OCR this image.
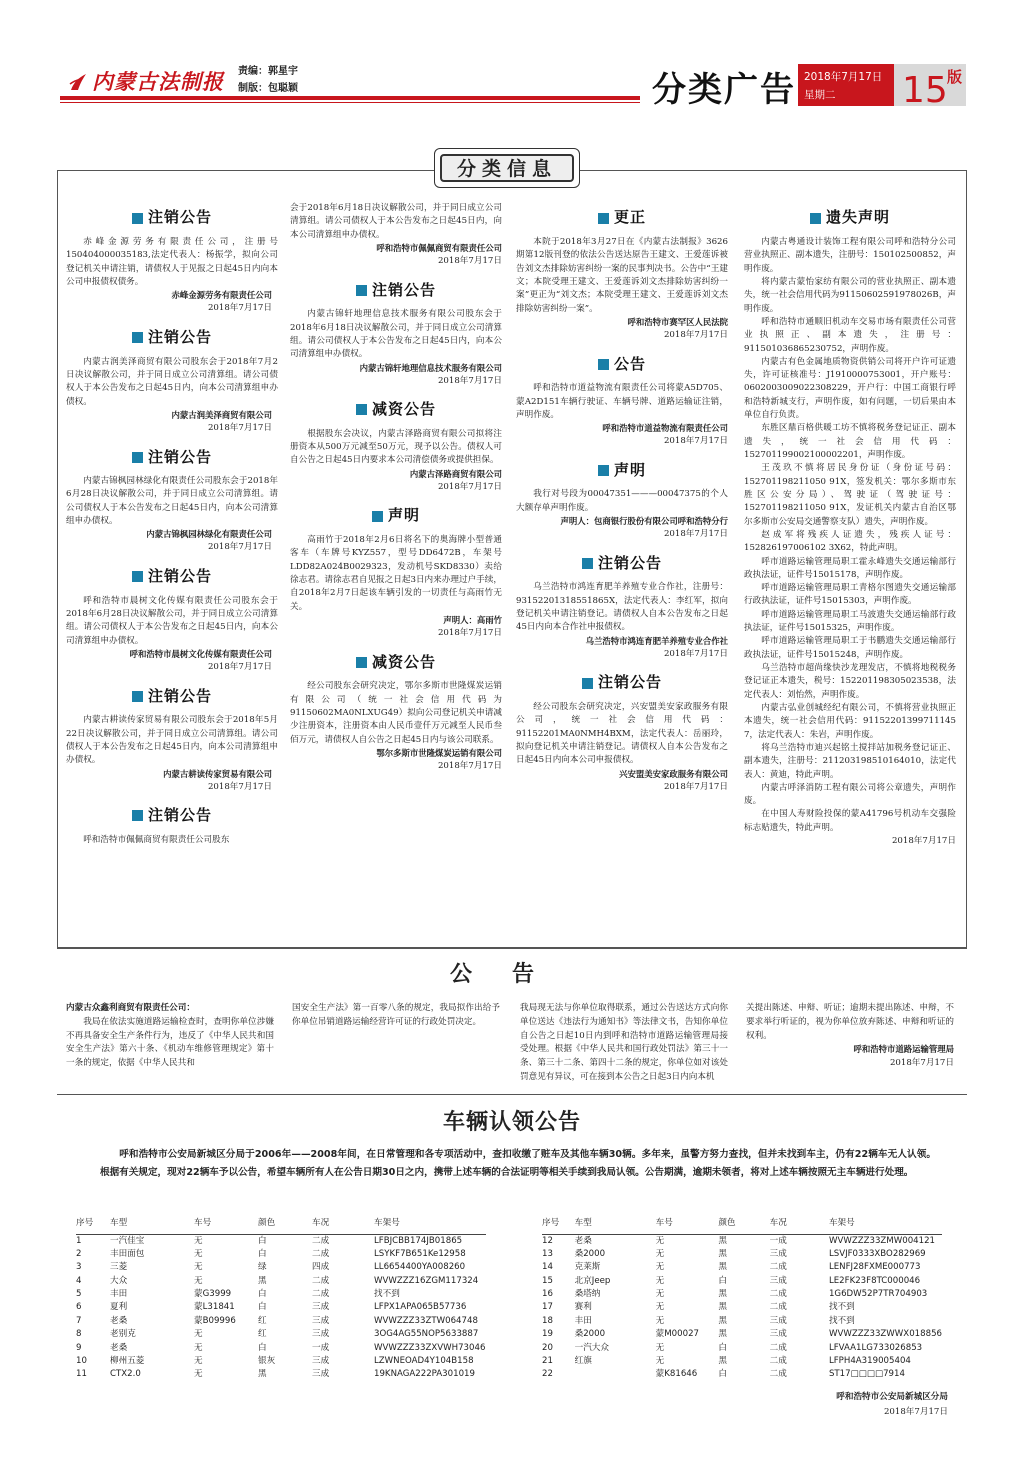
内蒙古法制报 责编：郭星宇
制版：包聪颖	分类广告 2018年7月17日
星期二	15 版
分类信息
注销公告
赤峰金源劳务有限责任公司，注册号150404000035183,法定代表人：杨振学，拟向公司登记机关申请注销，请债权人于见报之日起45日内向本公司申报债权债务。
赤峰金源劳务有限责任公司
2018年7月17日
注销公告
内蒙古润美泽商贸有限公司股东会于2018年7月2日决议解散公司，并于同日成立公司清算组。请公司债权人于本公告发布之日起45日内，向本公司清算组申办债权。
内蒙古润美泽商贸有限公司
2018年7月17日
注销公告
内蒙古锦枫园林绿化有限责任公司股东会于2018年6月28日决议解散公司，并于同日成立公司清算组。请公司债权人于本公告发布之日起45日内，向本公司清算组申办债权。
内蒙古锦枫园林绿化有限责任公司
2018年7月17日
注销公告
呼和浩特市晨树文化传媒有限责任公司股东会于2018年6月28日决议解散公司，并于同日成立公司清算组。请公司债权人于本公告发布之日起45日内，向本公司清算组申办债权。
呼和浩特市晨树文化传媒有限责任公司
2018年7月17日
注销公告
内蒙古耕读传家贸易有限公司股东会于2018年5月22日决议解散公司，并于同日成立公司清算组。请公司债权人于本公告发布之日起45日内，向本公司清算组申办债权。
内蒙古耕读传家贸易有限公司
2018年7月17日
注销公告
呼和浩特市佩佩商贸有限责任公司股东
会于2018年6月18日决议解散公司，并于同日成立公司清算组。请公司债权人于本公告发布之日起45日内，向本公司清算组申办债权。
呼和浩特市佩佩商贸有限责任公司
2018年7月17日
注销公告
内蒙古锦轩地理信息技术服务有限公司股东会于2018年6月18日决议解散公司，并于同日成立公司清算组。请公司债权人于本公告发布之日起45日内，向本公司清算组申办债权。
内蒙古锦轩地理信息技术服务有限公司
2018年7月17日
减资公告
根据股东会决议，内蒙古泽路商贸有限公司拟将注册资本从500万元减至50万元，现予以公告。债权人可自公告之日起45日内要求本公司清偿债务或提供担保。
内蒙古泽路商贸有限公司
2018年7月17日
声明
高雨竹于2018年2月6日将名下的奥海牌小型普通客车（车牌号KYZ557，型号DD6472B，车架号LDD82A024B0029323，发动机号SKD8330）卖给徐志君。请徐志君自见报之日起3日内来办理过户手续，自2018年2月7日起该车辆引发的一切责任与高雨竹无关。
声明人：高雨竹
2018年7月17日
减资公告
经公司股东会研究决定，鄂尔多斯市世隆煤炭运销有限公司（统一社会信用代码为91150602MA0NLXUG49）拟向公司登记机关申请减少注册资本，注册资本由人民币壹仟万元减至人民币叁佰万元，请债权人自公告之日起45日内与该公司联系。
鄂尔多斯市世隆煤炭运销有限公司
2018年7月17日
更正
本院于2018年3月27日在《内蒙古法制报》3626期第12版刊登的依法公告送达原告王建文、王爱莲诉被告刘文杰排除妨害纠纷一案的民事判决书。公告中“王建文；本院受理王建文、王爱莲诉刘文杰排除妨害纠纷一案”更正为“刘文杰；本院受理王建文、王爱莲诉刘文杰排除妨害纠纷一案”。
呼和浩特市赛罕区人民法院
2018年7月17日
公告
呼和浩特市道益物流有限责任公司将蒙A5D705、蒙A2D151车辆行驶证、车辆号牌、道路运输证注销，声明作废。
呼和浩特市道益物流有限责任公司
2018年7月17日
声明
我行对号段为00047351———00047375的个人大额存单声明作废。
声明人：包商银行股份有限公司呼和浩特分行
2018年7月17日
注销公告
乌兰浩特市鸿连育肥羊养殖专业合作社，注册号：93152201318551865X，法定代表人：李红军，拟向登记机关申请注销登记。请债权人自本公告发布之日起45日内向本合作社申报债权。
乌兰浩特市鸿连育肥羊养殖专业合作社
2018年7月17日
注销公告
经公司股东会研究决定，兴安盟美安家政服务有限公司，统一社会信用代码：91152201MA0NMH4BXM，法定代表人：岳丽玲，拟向登记机关申请注销登记。请债权人自本公告发布之日起45日内向本公司申报债权。
兴安盟美安家政服务有限公司
2018年7月17日
遗失声明
内蒙古粤通设计装饰工程有限公司呼和浩特分公司营业执照正、副本遗失，注册号：150102500852，声明作废。
将内蒙古蒙怡家纺有限公司的营业执照正、副本遗失，统一社会信用代码为91150602591978026B，声明作废。
呼和浩特市通顺旧机动车交易市场有限责任公司营业执照正、副本遗失，注册号：911501036865230752，声明作废。
内蒙古有色金属地质物资供销公司将开户许可证遗失，许可证核准号：J1910000753001，开户账号：0602003009022308229，开户行：中国工商银行呼和浩特新城支行，声明作废，如有问题，一切后果由本单位自行负责。
东胜区鼎百格供暖工坊不慎将税务登记证正、副本遗失，统一社会信用代码：152701199002100002201，声明作废。
王茂玖不慎将居民身份证（身份证号码：152701198211050 91X，签发机关：鄂尔多斯市东胜区公安分局）、驾驶证（驾驶证号：152701198211050 91X，发证机关内蒙古自治区鄂尔多斯市公安局交通警察支队）遗失，声明作废。
赵成军将残疾人证遗失，残疾人证号：152826197006102 3X62，特此声明。
呼市道路运输管理局职工霍永峰遗失交通运输部行政执法证，证件号15015178，声明作废。
呼市道路运输管理局职工青格尔图遗失交通运输部行政执法证，证件号15015303，声明作废。
呼市道路运输管理局职工马波遗失交通运输部行政执法证，证件号15015325，声明作废。
呼市道路运输管理局职工于书鹏遗失交通运输部行政执法证，证件号15015248，声明作废。
乌兰浩特市超尚缘快沙龙理发店，不慎将地税税务登记证正本遗失，税号：152201198305023538，法定代表人：刘怡然，声明作废。
内蒙古弘业创城经纪有限公司，不慎将营业执照正本遗失，统一社会信用代码：91152201399711145 7，法定代表人：朱岩，声明作废。
将乌兰浩特市迪兴起铭土搅拌站加税务登记证正、副本遗失，注册号：211203198510164010，法定代表人：黄迪，特此声明。
内蒙古呼泽消防工程有限公司将公章遗失，声明作废。
在中国人寿财险投保的蒙A41796号机动车交强险标志贴遗失，特此声明。
2018年7月17日
公告
内蒙古众鑫利商贸有限责任公司：
我局在依法实施道路运输检查时，查明你单位涉嫌不再具备安全生产条件行为，违反了《中华人民共和国安全生产法》第六十条、《机动车维修管理规定》第十一条的规定，依据《中华人民共和
国安全生产法》第一百零八条的规定，我局拟作出给予你单位吊销道路运输经营许可证的行政处罚决定。
我局现无法与你单位取得联系，通过公告送达方式向你单位送达《违法行为通知书》等法律文书，告知你单位自公告之日起10日内到呼和浩特市道路运输管理局接受处理。根据《中华人民共和国行政处罚法》第三十一条、第三十二条、第四十二条的规定，你单位如对该处罚意见有异议，可在接到本公告之日起3日内向本机
关提出陈述、申辩、听证；逾期未提出陈述、申辩，不要求举行听证的，视为你单位放弃陈述、申辩和听证的权利。
呼和浩特市道路运输管理局
2018年7月17日
车辆认领公告
呼和浩特市公安局新城区分局于2006年——2008年间，在日常管理和各专项活动中，查扣收缴了赃车及其他车辆30辆。多年来，虽警方努力查找，但并未找到车主，仍有22辆车无人认领。根据有关规定，现对22辆车予以公告，希望车辆所有人在公告日期30日之内，携带上述车辆的合法证明等相关手续到我局认领。公告期满，逾期未领者，将对上述车辆按照无主车辆进行处理。
序号	车型	车号	颜色	车况	车架号
1	一汽佳宝	无	白	二成	LFBJCBB174JB01865
2	丰田面包	无	白	二成	LSYKF7B651Ke12958
3	三菱	无	绿	四成	LL6654400YA008260
4	大众	无	黑	二成	WVWZZZ16ZGM117324
5	丰田	蒙G3999	白	二成	找不到
6	夏利	蒙L31841	白	三成	LFPX1APA065B57736
7	老桑	蒙B09996	红	三成	WVWZZZ33ZTW064748
8	老别克	无	红	三成	3OG4AG55NOP5633887
9	老桑	无	白	一成	WVWZZZ33ZXVWH73046
10	柳州五菱	无	银灰	三成	LZWNEOAD4Y104B158
11	CTX2.0	无	黑	三成	19KNAGA222PA301019
序号	车型	车号	颜色	车况	车架号
12	老桑	无	黑	一成	WVWZZZ33ZMW004121
13	桑2000	无	黑	三成	LSVJF0333XBO282969
14	克莱斯	无	黑	二成	LENFJ28FXME000773
15	北京Jeep	无	白	三成	LE2FK23F8TC000046
16	桑塔纳	无	黑	二成	1G6DW52P7TR704903
17	赛利	无	黑	二成	找不到
18	丰田	无	黑	三成	找不到
19	桑2000	蒙M00027	黑	三成	WVWZZZ33ZWWX018856
20	一汽大众	无	白	二成	LFVAA1LG733026853
21	红旗	无	黑	二成	LFPH4A319005404
22		蒙K81646	白	二成	ST17□□□□7914
呼和浩特市公安局新城区分局
2018年7月17日
